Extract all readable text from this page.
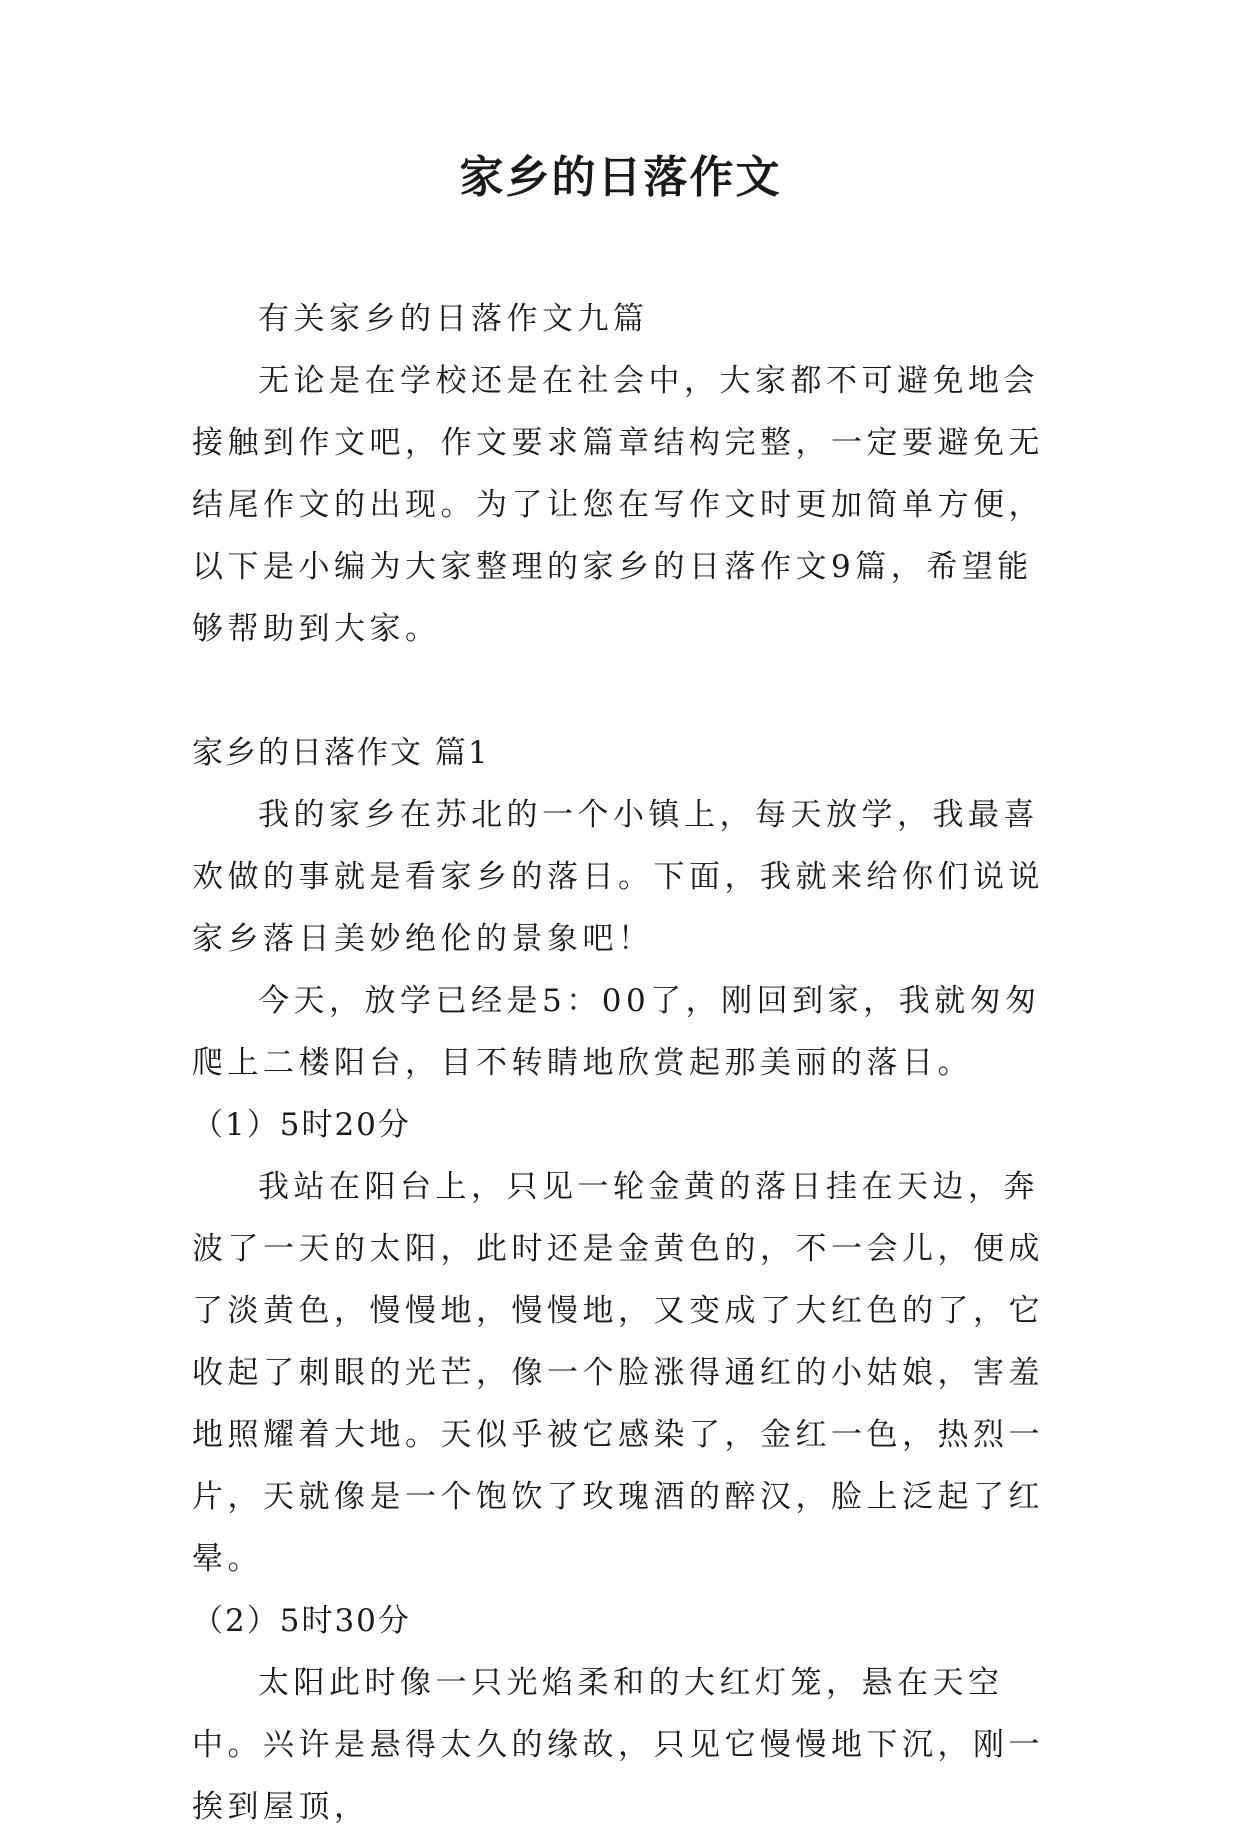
家乡的日落作文

有关家乡的日落作文九篇

无论是在学校还是在社会中，大家都不可避免地会接触到作文吧，作文要求篇章结构完整，一定要避免无结尾作文的出现。为了让您在写作文时更加简单方便，以下是小编为大家整理的家乡的日落作文9篇，希望能够帮助到大家。

家乡的日落作文 篇1

我的家乡在苏北的一个小镇上，每天放学，我最喜欢做的事就是看家乡的落日。下面，我就来给你们说说家乡落日美妙绝伦的景象吧！

今天，放学已经是5：00了，刚回到家，我就匆匆爬上二楼阳台，目不转睛地欣赏起那美丽的落日。

（1）5时20分

我站在阳台上，只见一轮金黄的落日挂在天边，奔波了一天的太阳，此时还是金黄色的，不一会儿，便成了淡黄色，慢慢地，慢慢地，又变成了大红色的了，它收起了刺眼的光芒，像一个脸涨得通红的小姑娘，害羞地照耀着大地。天似乎被它感染了，金红一色，热烈一片，天就像是一个饱饮了玫瑰酒的醉汉，脸上泛起了红晕。

（2）5时30分

太阳此时像一只光焰柔和的大红灯笼，悬在天空中。兴许是悬得太久的缘故，只见它慢慢地下沉，刚一挨到屋顶，
